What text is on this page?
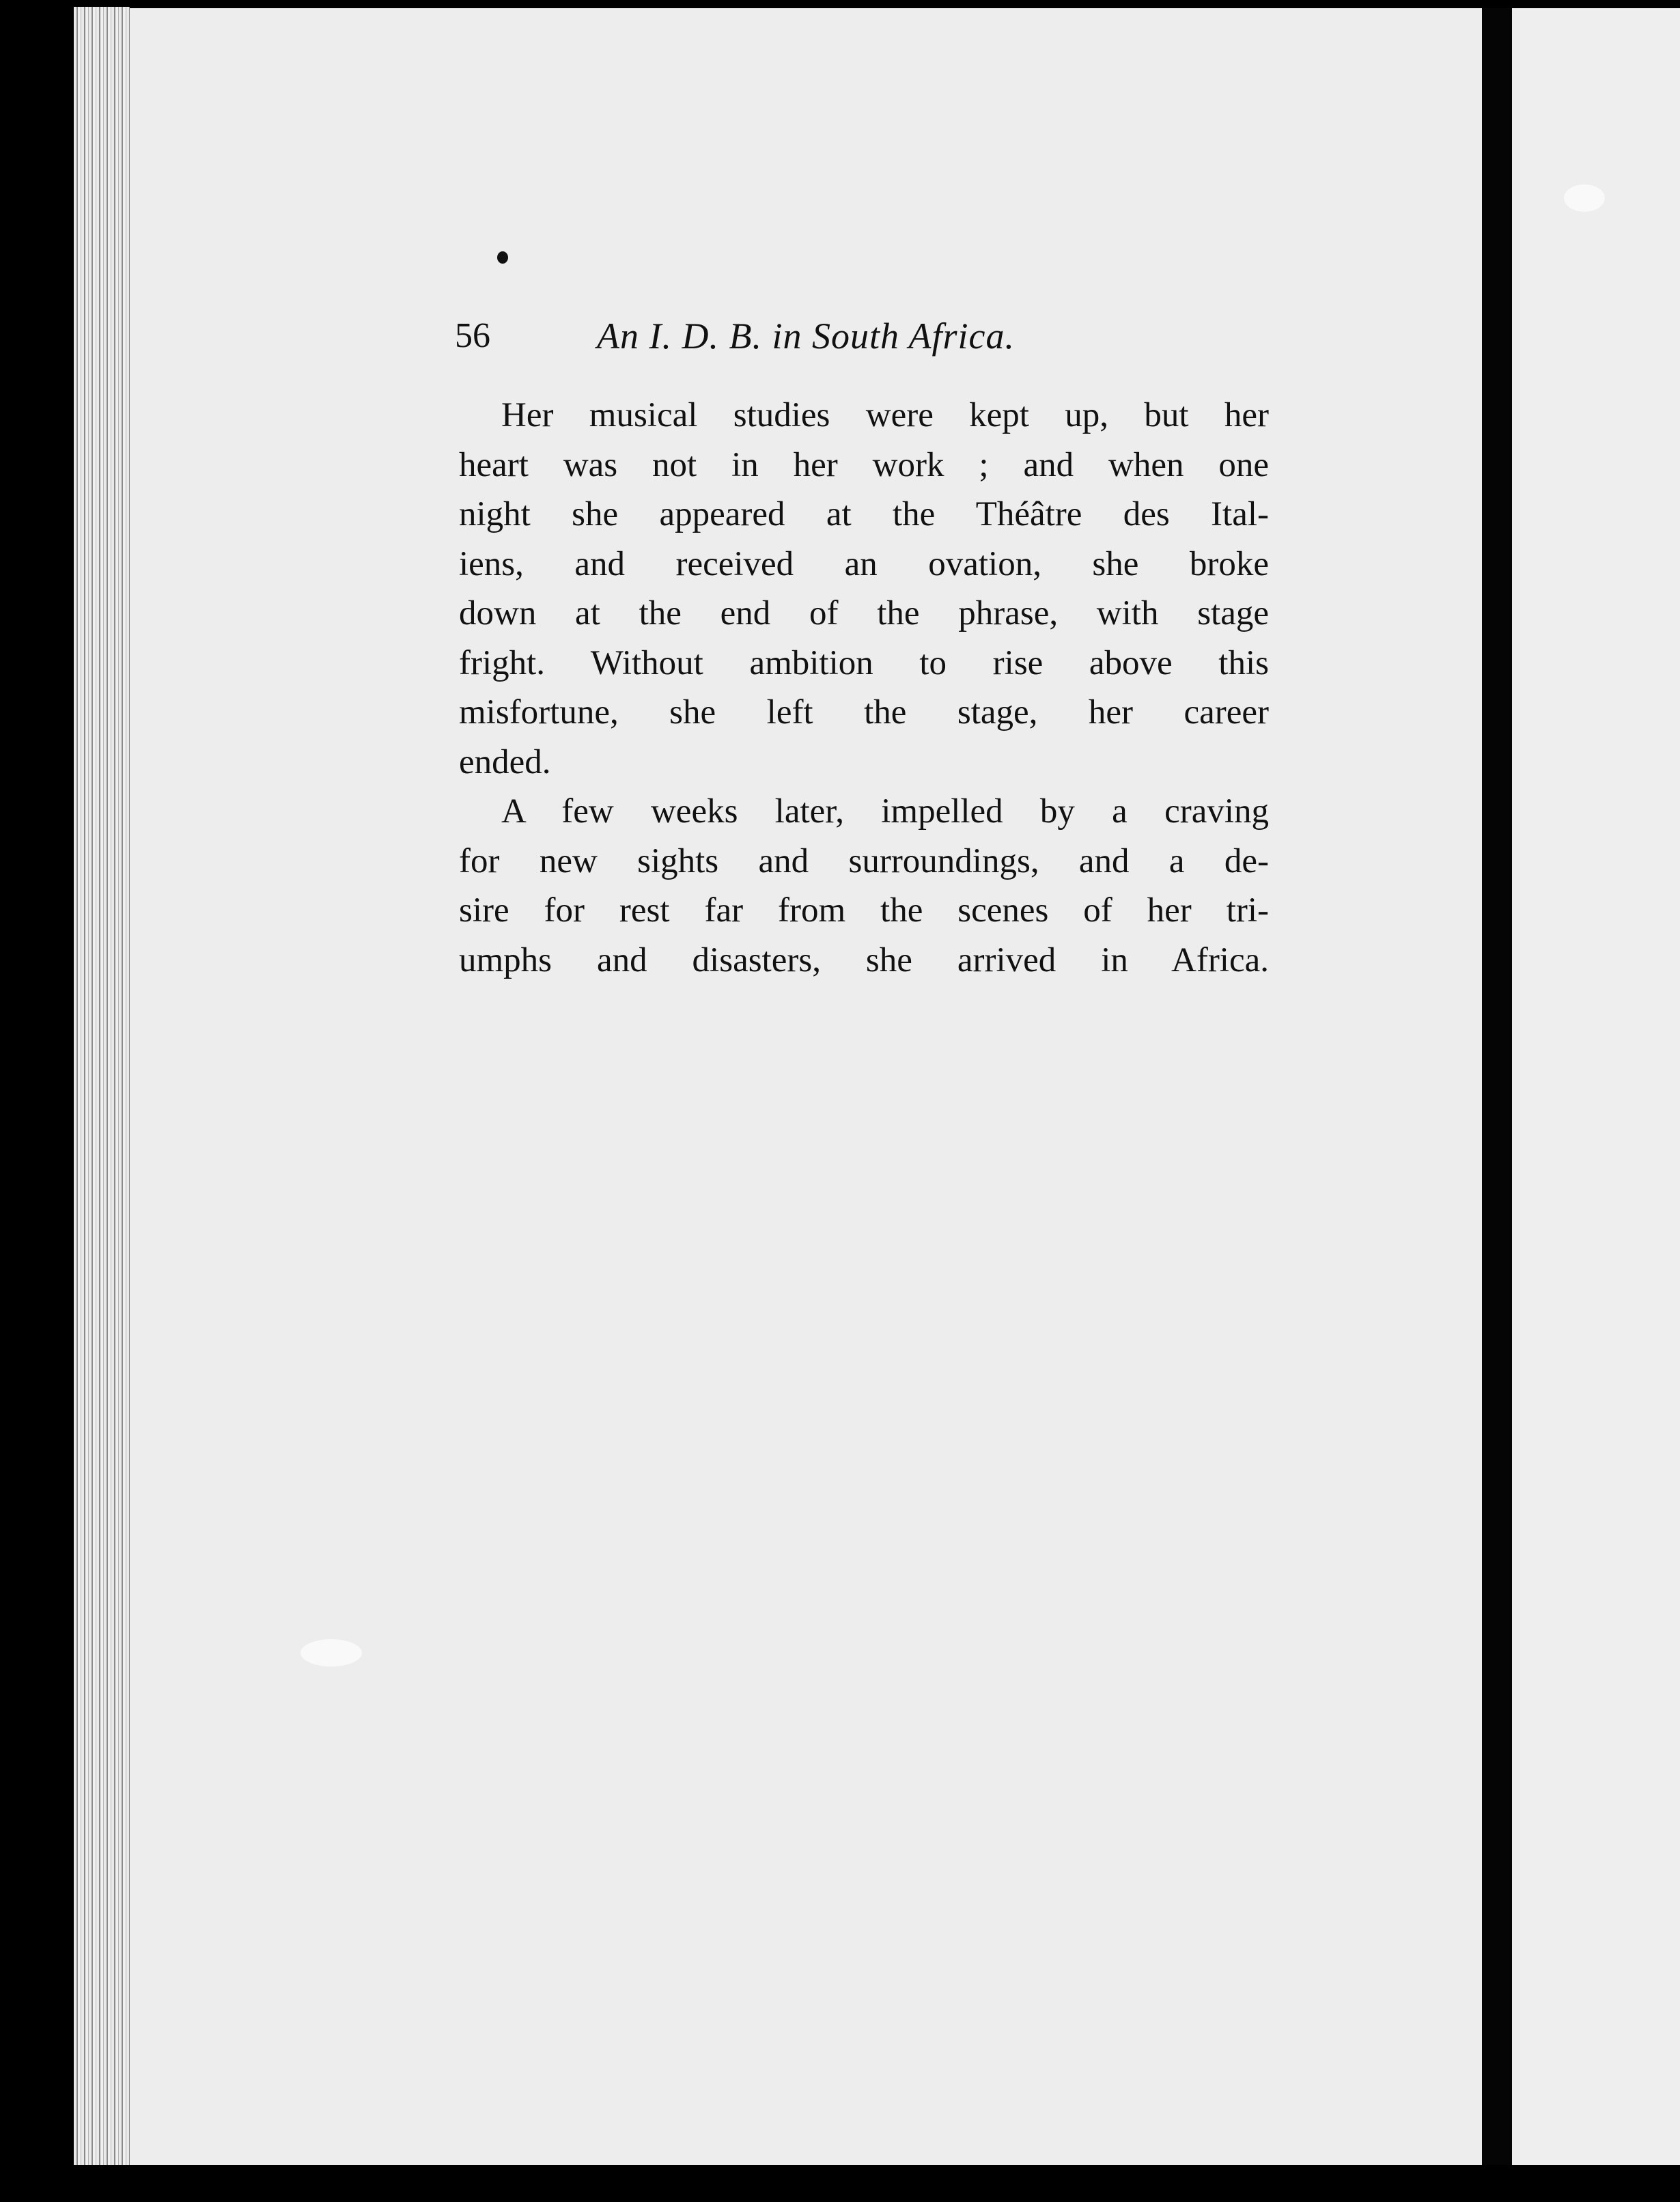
56	An I. D. B. in South Africa.
Her musical studies were kept up, but her
heart was not in her work ; and when one
night she appeared at the Théâtre des Ital-
iens, and received an ovation, she broke
down at the end of the phrase, with stage
fright. Without ambition to rise above this
misfortune, she left the stage, her career
ended.
A few weeks later, impelled by a craving
for new sights and surroundings, and a de-
sire for rest far from the scenes of her tri-
umphs and disasters, she arrived in Africa.
